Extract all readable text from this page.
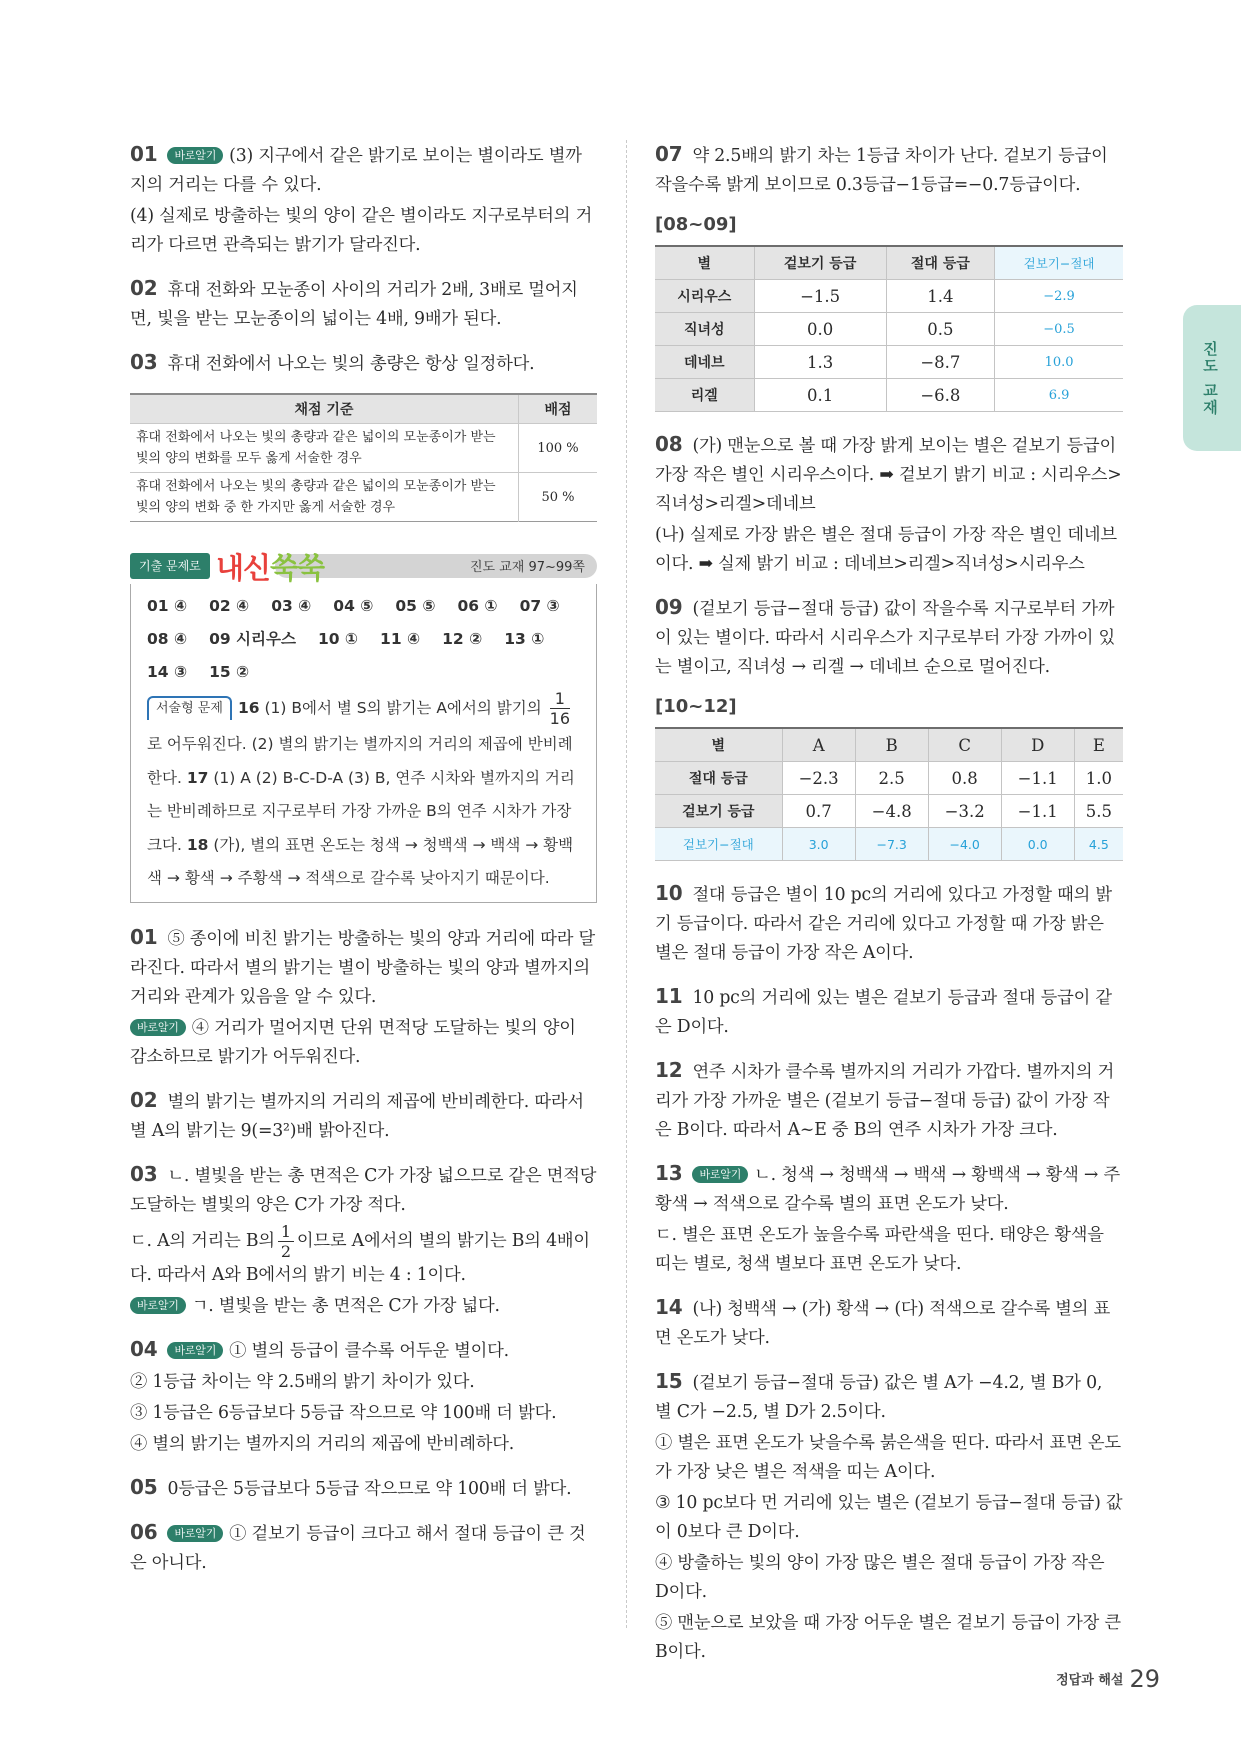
01 바로알기 (3) 지구에서 같은 밝기로 보이는 별이라도 별까지의 거리는 다를 수 있다.

(4) 실제로 방출하는 빛의 양이 같은 별이라도 지구로부터의 거리가 다르면 관측되는 밝기가 달라진다.

02 휴대 전화와 모눈종이 사이의 거리가 2배, 3배로 멀어지면, 빛을 받는 모눈종이의 넓이는 4배, 9배가 된다.

03 휴대 전화에서 나오는 빛의 총량은 항상 일정하다.

채점 기준	배점
휴대 전화에서 나오는 빛의 총량과 같은 넓이의 모눈종이가 받는 빛의 양의 변화를 모두 옳게 서술한 경우	100 %
휴대 전화에서 나오는 빛의 총량과 같은 넓이의 모눈종이가 받는 빛의 양의 변화 중 한 가지만 옳게 서술한 경우	50 %
기출 문제로 내신쑥쑥	진도 교재 97~99쪽
01 ④ 02 ④ 03 ④ 04 ⑤ 05 ⑤ 06 ① 07 ③
08 ④ 09 시리우스 10 ① 11 ④ 12 ② 13 ①
14 ③ 15 ②
서술형 문제 16 (1) B에서 별 S의 밝기는 A에서의 밝기의 $\frac{1}{16}$
로 어두워진다. (2) 별의 밝기는 별까지의 거리의 제곱에 반비례한다. 17 (1) A (2) B-C-D-A (3) B, 연주 시차와 별까지의 거리는 반비례하므로 지구로부터 가장 가까운 B의 연주 시차가 가장 크다. 18 (가), 별의 표면 온도는 청색 → 청백색 → 백색 → 황백색 → 황색 → 주황색 → 적색으로 갈수록 낮아지기 때문이다.

01 ⑤ 종이에 비친 밝기는 방출하는 빛의 양과 거리에 따라 달라진다. 따라서 별의 밝기는 별이 방출하는 빛의 양과 별까지의 거리와 관계가 있음을 알 수 있다.

바로알기 ④ 거리가 멀어지면 단위 면적당 도달하는 빛의 양이 감소하므로 밝기가 어두워진다.

02 별의 밝기는 별까지의 거리의 제곱에 반비례한다. 따라서 별 A의 밝기는 9(=3²)배 밝아진다.

03 ㄴ. 별빛을 받는 총 면적은 C가 가장 넓으므로 같은 면적당 도달하는 별빛의 양은 C가 가장 적다.

ㄷ. A의 거리는 B의 $\frac{1}{2}$ 이므로 A에서의 별의 밝기는 B의 4배이다. 따라서 A와 B에서의 밝기 비는 4 : 1이다.

바로알기 ㄱ. 별빛을 받는 총 면적은 C가 가장 넓다.

04 바로알기 ① 별의 등급이 클수록 어두운 별이다.

② 1등급 차이는 약 2.5배의 밝기 차이가 있다.

③ 1등급은 6등급보다 5등급 작으므로 약 100배 더 밝다.

④ 별의 밝기는 별까지의 거리의 제곱에 반비례하다.

05 0등급은 5등급보다 5등급 작으므로 약 100배 더 밝다.

06 바로알기 ① 겉보기 등급이 크다고 해서 절대 등급이 큰 것은 아니다.

07 약 2.5배의 밝기 차는 1등급 차이가 난다. 겉보기 등급이 작을수록 밝게 보이므로 0.3등급−1등급=−0.7등급이다.

[08~09]
별	겉보기 등급	절대 등급	겉보기−절대
시리우스	−1.5	1.4	−2.9
직녀성	0.0	0.5	−0.5
데네브	1.3	−8.7	10.0
리겔	0.1	−6.8	6.9

08 (가) 맨눈으로 볼 때 가장 밝게 보이는 별은 겉보기 등급이 가장 작은 별인 시리우스이다. ➡ 겉보기 밝기 비교 : 시리우스>직녀성>리겔>데네브

(나) 실제로 가장 밝은 별은 절대 등급이 가장 작은 별인 데네브이다. ➡ 실제 밝기 비교 : 데네브>리겔>직녀성>시리우스

09 (겉보기 등급−절대 등급) 값이 작을수록 지구로부터 가까이 있는 별이다. 따라서 시리우스가 지구로부터 가장 가까이 있는 별이고, 직녀성 → 리겔 → 데네브 순으로 멀어진다.

[10~12]
별	A	B	C	D	E
절대 등급	−2.3	2.5	0.8	−1.1	1.0
겉보기 등급	0.7	−4.8	−3.2	−1.1	5.5
겉보기−절대	3.0	−7.3	−4.0	0.0	4.5

10 절대 등급은 별이 10 pc의 거리에 있다고 가정할 때의 밝기 등급이다. 따라서 같은 거리에 있다고 가정할 때 가장 밝은 별은 절대 등급이 가장 작은 A이다.

11 10 pc의 거리에 있는 별은 겉보기 등급과 절대 등급이 같은 D이다.

12 연주 시차가 클수록 별까지의 거리가 가깝다. 별까지의 거리가 가장 가까운 별은 (겉보기 등급−절대 등급) 값이 가장 작은 B이다. 따라서 A~E 중 B의 연주 시차가 가장 크다.

13 바로알기 ㄴ. 청색 → 청백색 → 백색 → 황백색 → 황색 → 주황색 → 적색으로 갈수록 별의 표면 온도가 낮다.

ㄷ. 별은 표면 온도가 높을수록 파란색을 띤다. 태양은 황색을 띠는 별로, 청색 별보다 표면 온도가 낮다.

14 (나) 청백색 → (가) 황색 → (다) 적색으로 갈수록 별의 표면 온도가 낮다.

15 (겉보기 등급−절대 등급) 값은 별 A가 −4.2, 별 B가 0, 별 C가 −2.5, 별 D가 2.5이다.

① 별은 표면 온도가 낮을수록 붉은색을 띤다. 따라서 표면 온도가 가장 낮은 별은 적색을 띠는 A이다.

③ 10 pc보다 먼 거리에 있는 별은 (겉보기 등급−절대 등급) 값이 0보다 큰 D이다.

④ 방출하는 빛의 양이 가장 많은 별은 절대 등급이 가장 작은 D이다.

⑤ 맨눈으로 보았을 때 가장 어두운 별은 겉보기 등급이 가장 큰 B이다.

진도 교재
정답과 해설 29
